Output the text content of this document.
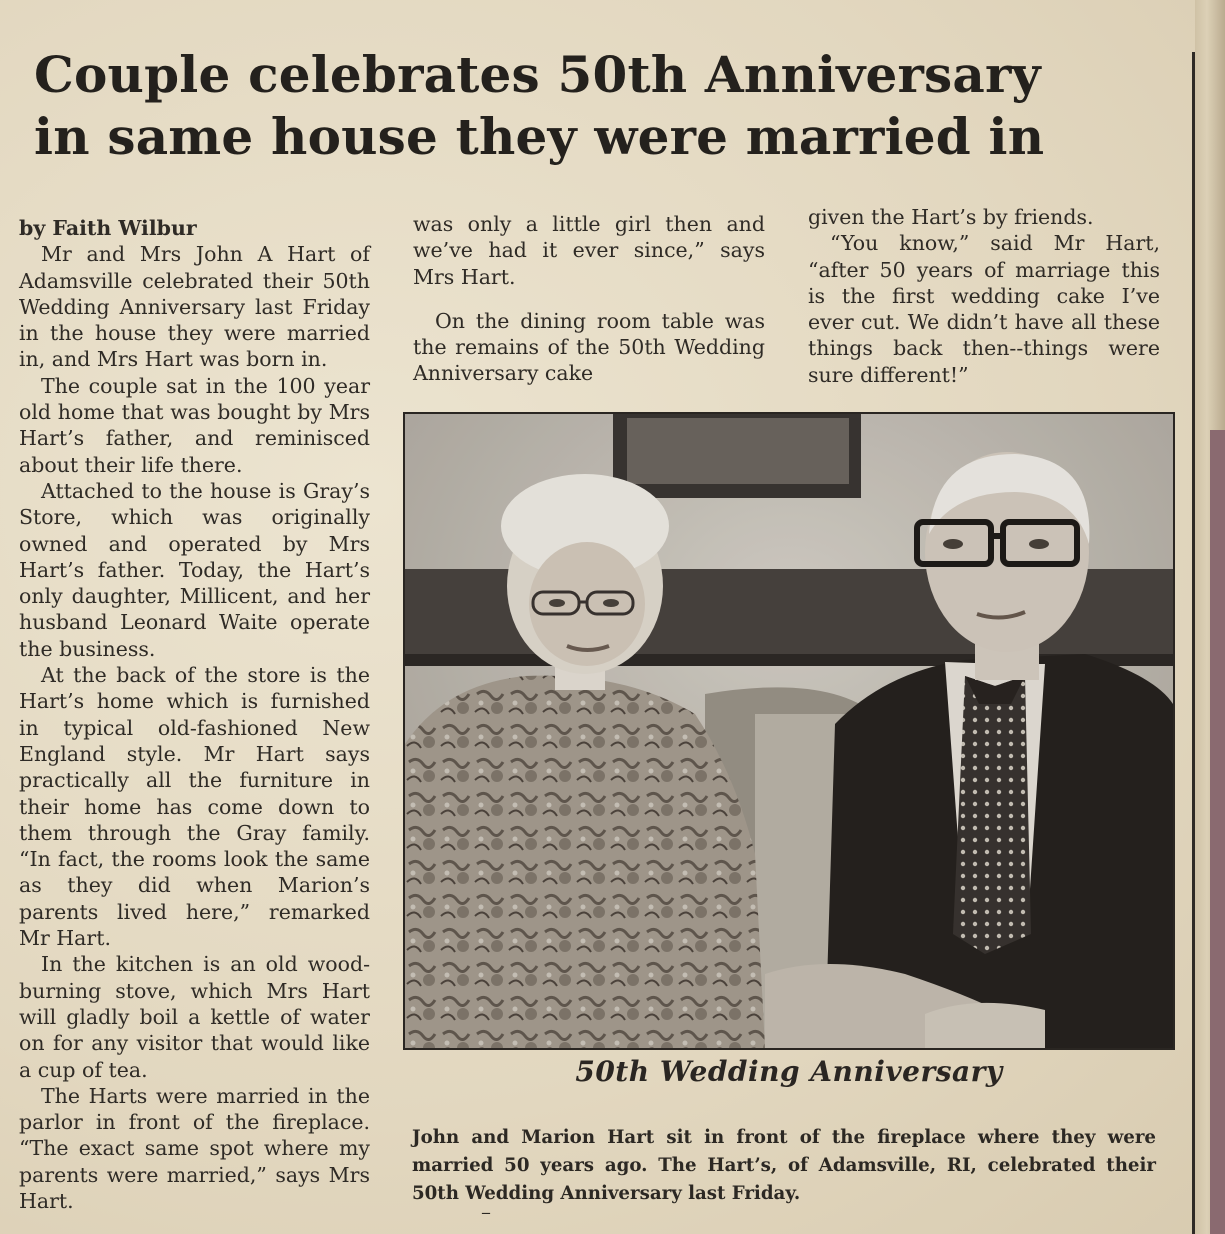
Couple celebrates 50th Anniversary
in same house they were married in

by Faith Wilbur

Mr and Mrs John A Hart of Adamsville celebrated their 50th Wedding Anniversary last Friday in the house they were married in, and Mrs Hart was born in.

The couple sat in the 100 year old home that was bought by Mrs Hart’s father, and reminisced about their life there.

Attached to the house is Gray’s Store, which was originally owned and operated by Mrs Hart’s father. Today, the Hart’s only daughter, Millicent, and her husband Leonard Waite operate the business.

At the back of the store is the Hart’s home which is furnished in typical old-fashioned New England style. Mr Hart says practically all the furniture in their home has come down to them through the Gray family. “In fact, the rooms look the same as they did when Marion’s parents lived here,” remarked Mr Hart.

In the kitchen is an old wood-burning stove, which Mrs Hart will gladly boil a kettle of water on for any visitor that would like a cup of tea.

The Harts were married in the parlor in front of the fireplace. “The exact same spot where my parents were married,” says Mrs Hart.

was only a little girl then and we’ve had it ever since,” says Mrs Hart.

On the dining room table was the remains of the 50th Wedding Anniversary cake

given the Hart’s by friends.

“You know,” said Mr Hart, “after 50 years of marriage this is the first wedding cake I’ve ever cut. We didn’t have all these things back then--things were sure different!”

50th Wedding Anniversary

John and Marion Hart sit in front of the fireplace where they were married 50 years ago. The Hart’s, of Adamsville, RI, celebrated their 50th Wedding Anniversary last Friday.

–
